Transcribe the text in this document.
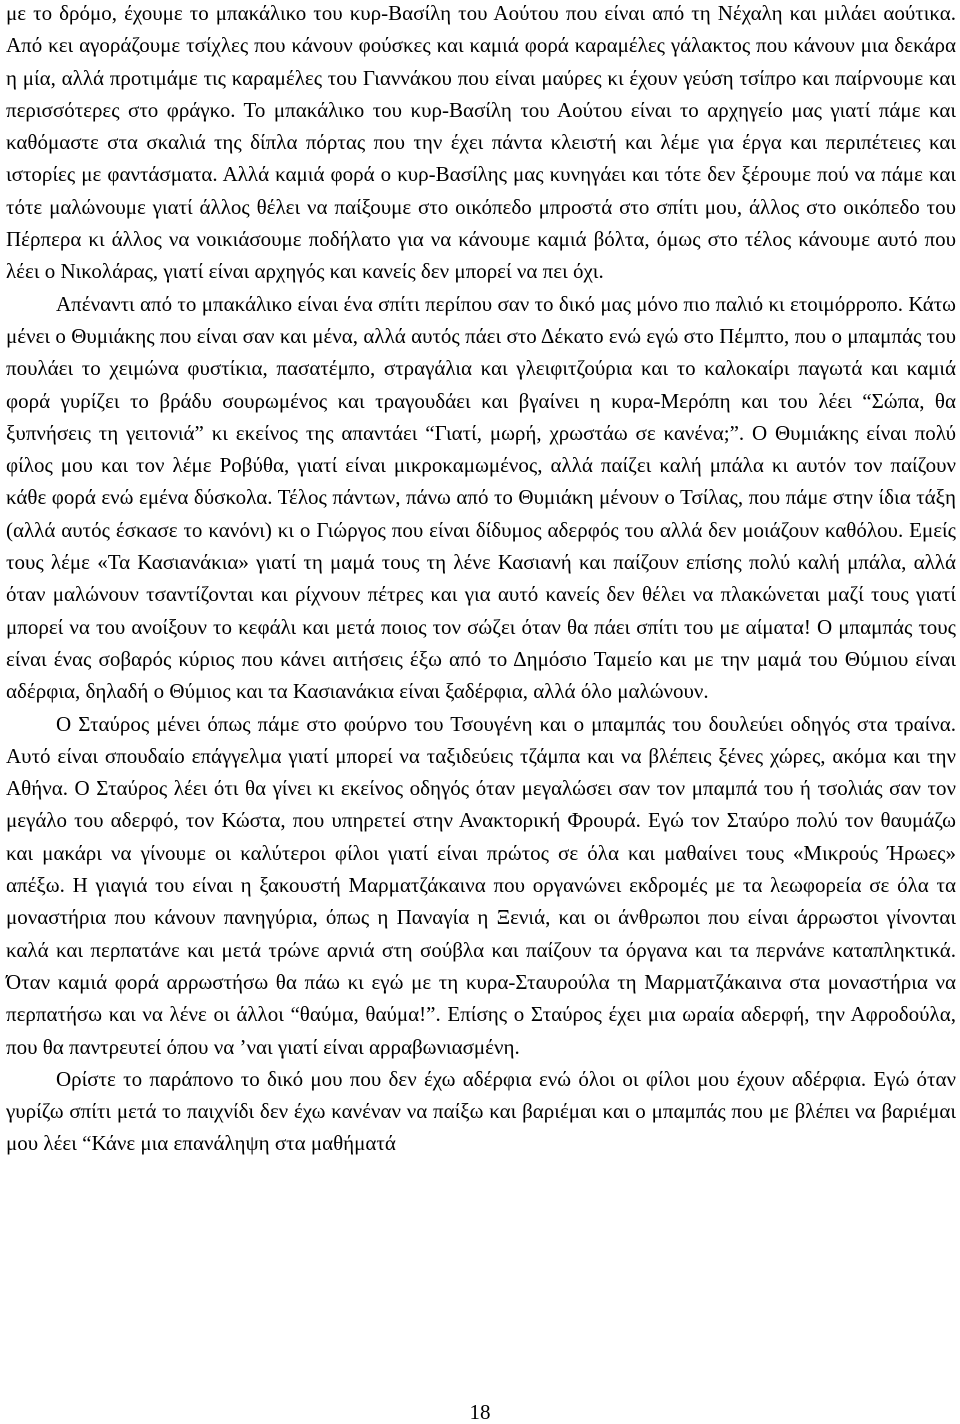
με το δρόμο, έχουμε το μπακάλικο του κυρ-Βασίλη του Αούτου που είναι από τη Νέχαλη και μιλάει αούτικα. Από κει αγοράζουμε τσίχλες που κάνουν φούσκες και καμιά φορά καραμέλες γάλακτος που κάνουν μια δεκάρα η μία, αλλά προτιμάμε τις καραμέλες του Γιαννάκου που είναι μαύρες κι έχουν γεύση τσίπρο και παίρνουμε και περισσότερες στο φράγκο. Το μπακάλικο του κυρ-Βασίλη του Αούτου είναι το αρχηγείο μας γιατί πάμε και καθόμαστε στα σκαλιά της δίπλα πόρτας που την έχει πάντα κλειστή και λέμε για έργα και περιπέτειες και ιστορίες με φαντάσματα. Αλλά καμιά φορά ο κυρ-Βασίλης μας κυνηγάει και τότε δεν ξέρουμε πού να πάμε και τότε μαλώνουμε γιατί άλλος θέλει να παίξουμε στο οικόπεδο μπροστά στο σπίτι μου, άλλος στο οικόπεδο του Πέρπερα κι άλλος να νοικιάσουμε ποδήλατο για να κάνουμε καμιά βόλτα, όμως στο τέλος κάνουμε αυτό που λέει ο Νικολάρας, γιατί είναι αρχηγός και κανείς δεν μπορεί να πει όχι.

Απέναντι από το μπακάλικο είναι ένα σπίτι περίπου σαν το δικό μας μόνο πιο παλιό κι ετοιμόρροπο. Κάτω μένει ο Θυμιάκης που είναι σαν και μένα, αλλά αυτός πάει στο Δέκατο ενώ εγώ στο Πέμπτο, που ο μπαμπάς του πουλάει το χειμώνα φυστίκια, πασατέμπο, στραγάλια και γλειφιτζούρια και το καλοκαίρι παγωτά και καμιά φορά γυρίζει το βράδυ σουρωμένος και τραγουδάει και βγαίνει η κυρα-Μερόπη και του λέει “Σώπα, θα ξυπνήσεις τη γειτονιά” κι εκείνος της απαντάει “Γιατί, μωρή, χρωστάω σε κανένα;”. Ο Θυμιάκης είναι πολύ φίλος μου και τον λέμε Ροβύθα, γιατί είναι μικροκαμωμένος, αλλά παίζει καλή μπάλα κι αυτόν τον παίζουν κάθε φορά ενώ εμένα δύσκολα. Τέλος πάντων, πάνω από το Θυμιάκη μένουν ο Τσίλας, που πάμε στην ίδια τάξη (αλλά αυτός έσκασε το κανόνι) κι ο Γιώργος που είναι δίδυμος αδερφός του αλλά δεν μοιάζουν καθόλου. Εμείς τους λέμε «Τα Κασιανάκια» γιατί τη μαμά τους τη λένε Κασιανή και παίζουν επίσης πολύ καλή μπάλα, αλλά όταν μαλώνουν τσαντίζονται και ρίχνουν πέτρες και για αυτό κανείς δεν θέλει να πλακώνεται μαζί τους γιατί μπορεί να του ανοίξουν το κεφάλι και μετά ποιος τον σώζει όταν θα πάει σπίτι του με αίματα! Ο μπαμπάς τους είναι ένας σοβαρός κύριος που κάνει αιτήσεις έξω από το Δημόσιο Ταμείο και με την μαμά του Θύμιου είναι αδέρφια, δηλαδή ο Θύμιος και τα Κασιανάκια είναι ξαδέρφια, αλλά όλο μαλώνουν.

Ο Σταύρος μένει όπως πάμε στο φούρνο του Τσουγένη και ο μπαμπάς του δουλεύει οδηγός στα τραίνα. Αυτό είναι σπουδαίο επάγγελμα γιατί μπορεί να ταξιδεύεις τζάμπα και να βλέπεις ξένες χώρες, ακόμα και την Αθήνα. Ο Σταύρος λέει ότι θα γίνει κι εκείνος οδηγός όταν μεγαλώσει σαν τον μπαμπά του ή τσολιάς σαν τον μεγάλο του αδερφό, τον Κώστα, που υπηρετεί στην Ανακτορική Φρουρά. Εγώ τον Σταύρο πολύ τον θαυμάζω και μακάρι να γίνουμε οι καλύτεροι φίλοι γιατί είναι πρώτος σε όλα και μαθαίνει τους «Μικρούς Ήρωες» απέξω. Η γιαγιά του είναι η ξακουστή Μαρματζάκαινα που οργανώνει εκδρομές με τα λεωφορεία σε όλα τα μοναστήρια που κάνουν πανηγύρια, όπως η Παναγία η Ξενιά, και οι άνθρωποι που είναι άρρωστοι γίνονται καλά και περπατάνε και μετά τρώνε αρνιά στη σούβλα και παίζουν τα όργανα και τα περνάνε καταπληκτικά. Όταν καμιά φορά αρρωστήσω θα πάω κι εγώ με τη κυρα-Σταυρούλα τη Μαρματζάκαινα στα μοναστήρια να περπατήσω και να λένε οι άλλοι “θαύμα, θαύμα!”. Επίσης ο Σταύρος έχει μια ωραία αδερφή, την Αφροδούλα, που θα παντρευτεί όπου να ’ναι γιατί είναι αρραβωνιασμένη.

Ορίστε το παράπονο το δικό μου που δεν έχω αδέρφια ενώ όλοι οι φίλοι μου έχουν αδέρφια. Εγώ όταν γυρίζω σπίτι μετά το παιχνίδι δεν έχω κανέναν να παίξω και βαριέμαι και ο μπαμπάς που με βλέπει να βαριέμαι μου λέει “Κάνε μια επανάληψη στα μαθήματά

18
